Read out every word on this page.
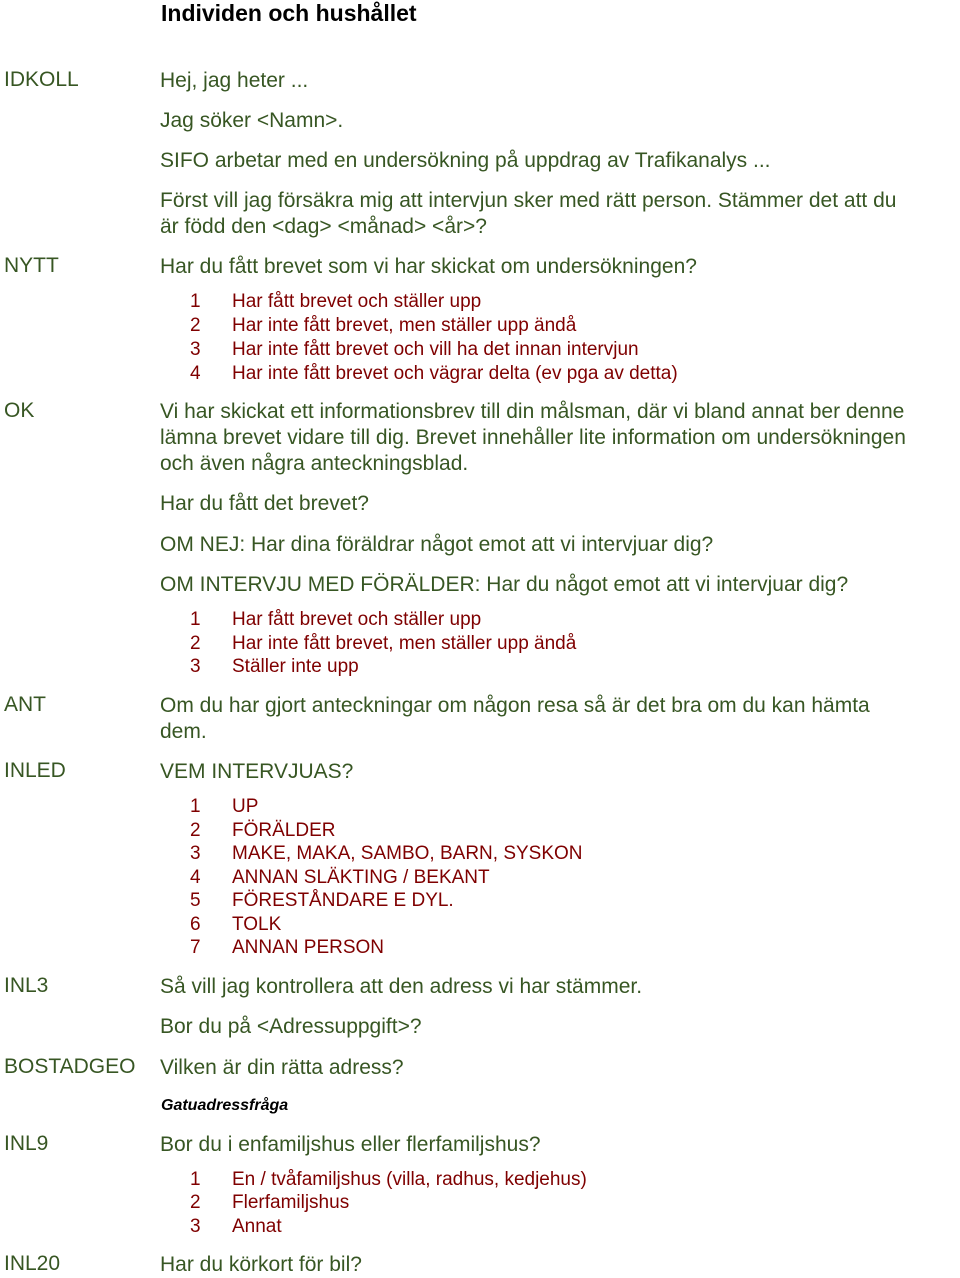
Individen och hushållet
IDKOLL	Hej, jag heter ...
Jag söker <Namn>.
SIFO arbetar med en undersökning på uppdrag av Trafikanalys ...
Först vill jag försäkra mig att intervjun sker med rätt person. Stämmer det att du
är född den <dag> <månad> <år>?
NYTT	Har du fått brevet som vi har skickat om undersökningen?
1 Har fått brevet och ställer upp
2 Har inte fått brevet, men ställer upp ändå
3 Har inte fått brevet och vill ha det innan intervjun
4 Har inte fått brevet och vägrar delta (ev pga av detta)
OK	Vi har skickat ett informationsbrev till din målsman, där vi bland annat ber denne
lämna brevet vidare till dig. Brevet innehåller lite information om undersökningen
och även några anteckningsblad.
Har du fått det brevet?
OM NEJ: Har dina föräldrar något emot att vi intervjuar dig?
OM INTERVJU MED FÖRÄLDER: Har du något emot att vi intervjuar dig?
1 Har fått brevet och ställer upp
2 Har inte fått brevet, men ställer upp ändå
3 Ställer inte upp
ANT	Om du har gjort anteckningar om någon resa så är det bra om du kan hämta
dem.
INLED	VEM INTERVJUAS?
1 UP
2 FÖRÄLDER
3 MAKE, MAKA, SAMBO, BARN, SYSKON
4 ANNAN SLÄKTING / BEKANT
5 FÖRESTÅNDARE E DYL.
6 TOLK
7 ANNAN PERSON
INL3	Så vill jag kontrollera att den adress vi har stämmer.
Bor du på <Adressuppgift>?
BOSTADGEO Vilken är din rätta adress?
Gatuadressfråga
INL9	Bor du i enfamiljshus eller flerfamiljshus?
1 En / tvåfamiljshus (villa, radhus, kedjehus)
2 Flerfamiljshus
3 Annat
INL20	Har du körkort för bil?
